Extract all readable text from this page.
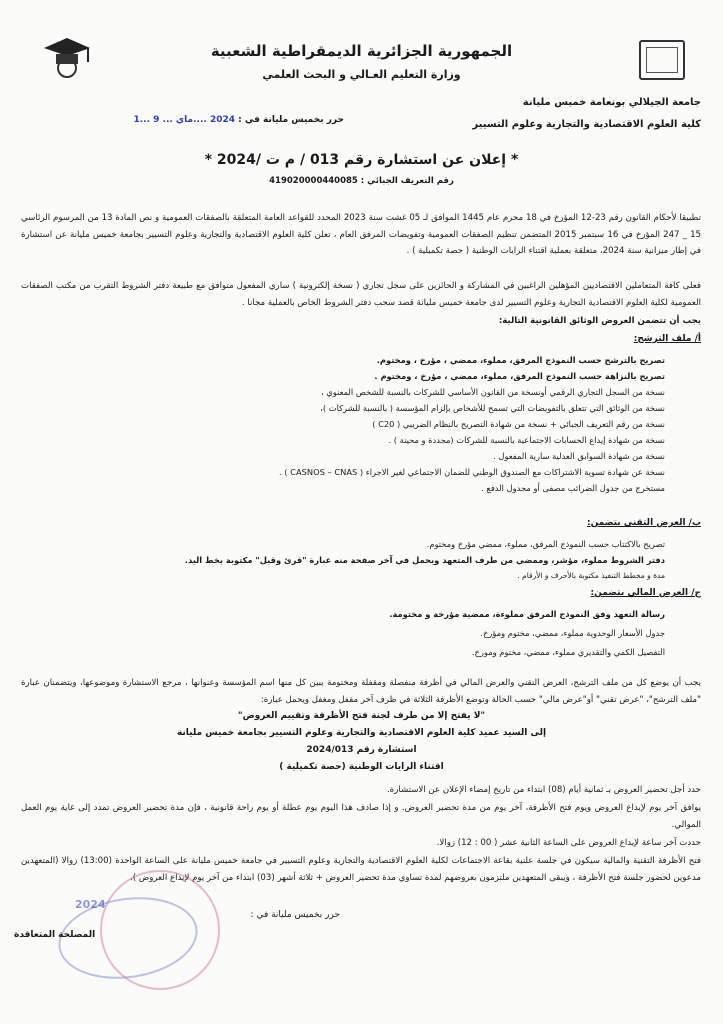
الجمهورية الجزائرية الديمقراطية الشعبية
وزارة التعليم العـالي و البحث العلمي
جامعة الجيلالي بونعامة خميس مليانة
كلية العلوم الاقتصادية والتجارية وعلوم التسيير
حرر بخميس مليانة في : 2024 ....ماي ... 9 ...1
* إعلان عن استشارة رقم 013 / م ت /2024 *
رقم التعريف الجبائي : 419020000440085
تطبيقا لأحكام القانون رقم 23-12 المؤرخ في 18 محرم عام 1445 الموافق لـ 05 غشت سنة 2023 المحدد للقواعد العامة المتعلقة بالصفقات العمومية و نص المادة 13 من المرسوم الرئاسي 15 _ 247 المؤرخ في 16 سبتمبر 2015 المتضمن تنظيم الصفقات العمومية وتفويضات المرفق العام ، تعلن كلية العلوم الاقتصادية والتجارية وعلوم التسيير بجامعة خميس مليانة عن استشارة في إطار ميزانية سنة 2024، متعلقة بعملية اقتناء الرايات الوطنية ( حصة تكميلية ) .
فعلى كافة المتعاملين الاقتصاديين المؤهلين الراغبين في المشاركة و الحائزين على سجل تجاري ( نسخة إلكترونية ) ساري المفعول متوافق مع طبيعة دفتر الشروط التقرب من مكتب الصفقات العمومية لكلية العلوم الاقتصادية التجارية وعلوم التسيير لدى جامعة خميس مليانة قصد سحب دفتر الشروط الخاص بالعملية مجانا .
يجب أن تتضمن العروض الوثائق القانونية التالية:
أ/ ملف الترشح:
تصريح بالترشح حسب النموذج المرفق، مملوء، ممضي ، مؤرخ ، ومختوم.
تصريح بالنزاهة حسب النموذج المرفق، مملوء، ممضي ، مؤرخ ، ومختوم .
نسخة من السجل التجاري الرقمي أونسخة من القانون الأساسي للشركات بالنسبة للشخص المعنوي ،
نسخة من الوثائق التي تتعلق بالتفويضات التي تسمح للأشخاص بإلزام المؤسسة ( بالنسبة للشركات )،
نسخة من رقم التعريف الجبائي + نسخة من شهادة التصريح بالنظام الضريبي ( C20 )
نسخة من شهادة إيداع الحسابات الاجتماعية بالنسبة للشركات (مجددة و محينة ) .
نسخة من شهادة السوابق العدلية سارية المفعول .
نسخة عن شهادة تسوية الاشتراكات مع الصندوق الوطني للضمان الاجتماعي لغير الاجراء ( CASNOS – CNAS ) .
مستخرج من جدول الضرائب مصفى أو مجدول الدفع .
ب/ العرض التقني يتضمن:
تصريح بالاكتتاب حسب النموذج المرفق، مملوء، ممضي مؤرخ ومختوم.
دفتر الشروط مملوء، مؤشر، وممضي من طرف المتعهد ويحمل في آخر صفحة منه عبارة "قرئ وقبل" مكتوبة بخط اليد.
مدة و مخطط التنفيذ مكتوبة بالأحرف و الأرقام .
ج/ العرض المالي يتضمن:
رسالة التعهد وفق النموذج المرفق مملوءة، ممضية مؤرخة و مختومة.
جدول الأسعار الوحدوية مملوء، ممضي، مختوم ومؤرخ.
التفصيل الكمي والتقديري مملوء، ممضي، مختوم ومورخ.
يجب أن يوضع كل من ملف الترشح، العرض التقني والعرض المالي في أظرفة منفصلة ومقفلة ومختومة يبين كل منها اسم المؤسسة وعنوانها ، مرجع الاستشارة وموضوعها، ويتضمنان عبارة "ملف الترشح"، "عرض تقني" أو"عرض مالي" حسب الحالة وتوضع الأظرفة الثلاثة في ظرف آخر مقفل ومغفل ويحمل عبارة:
"لا يفتح إلا من طرف لجنة فتح الأظرفة وتقييم العروض"
إلى السيد عميد كلية العلوم الاقتصادية والتجارية وعلوم التسيير بجامعة خميس مليانة
استشارة رقم 2024/013
اقتناء الرايات الوطنية (حصة تكميلية )
حدد أجل تحضير العروض بـ ثمانية أيام (08) ابتداء من تاريخ إمضاء الإعلان عن الاستشارة.
يوافق آخر يوم لإيداع العروض ويوم فتح الأظرفة، آخر يوم من مدة تحضير العروض. و إذا صادف هذا اليوم يوم عطلة أو يوم راحة قانونية ، فإن مدة تحضير العروض تمدد إلى غاية يوم العمل الموالي.
حددت آخر ساعة لإيداع العروض على الساعة الثانية عشر ( 00 : 12) زوالا.
فتح الأظرفة التقنية والمالية سيكون في جلسة علنية بقاعة الاجتماعات لكلية العلوم الاقتصادية والتجارية وعلوم التسيير في جامعة خميس مليانة على الساعة الواحدة (13:00) زوالا (المتعهدين مدعوين لحضور جلسة فتح الأظرفة ، ويبقى المتعهدين ملتزمون بعروضهم لمدة تساوي مدة تحضير العروض + ثلاثة أشهر (03) ابتداء من آخر يوم لإيداع العروض ).
حرر بخميس مليانة في :
2024
المصلحة المتعاقدة
